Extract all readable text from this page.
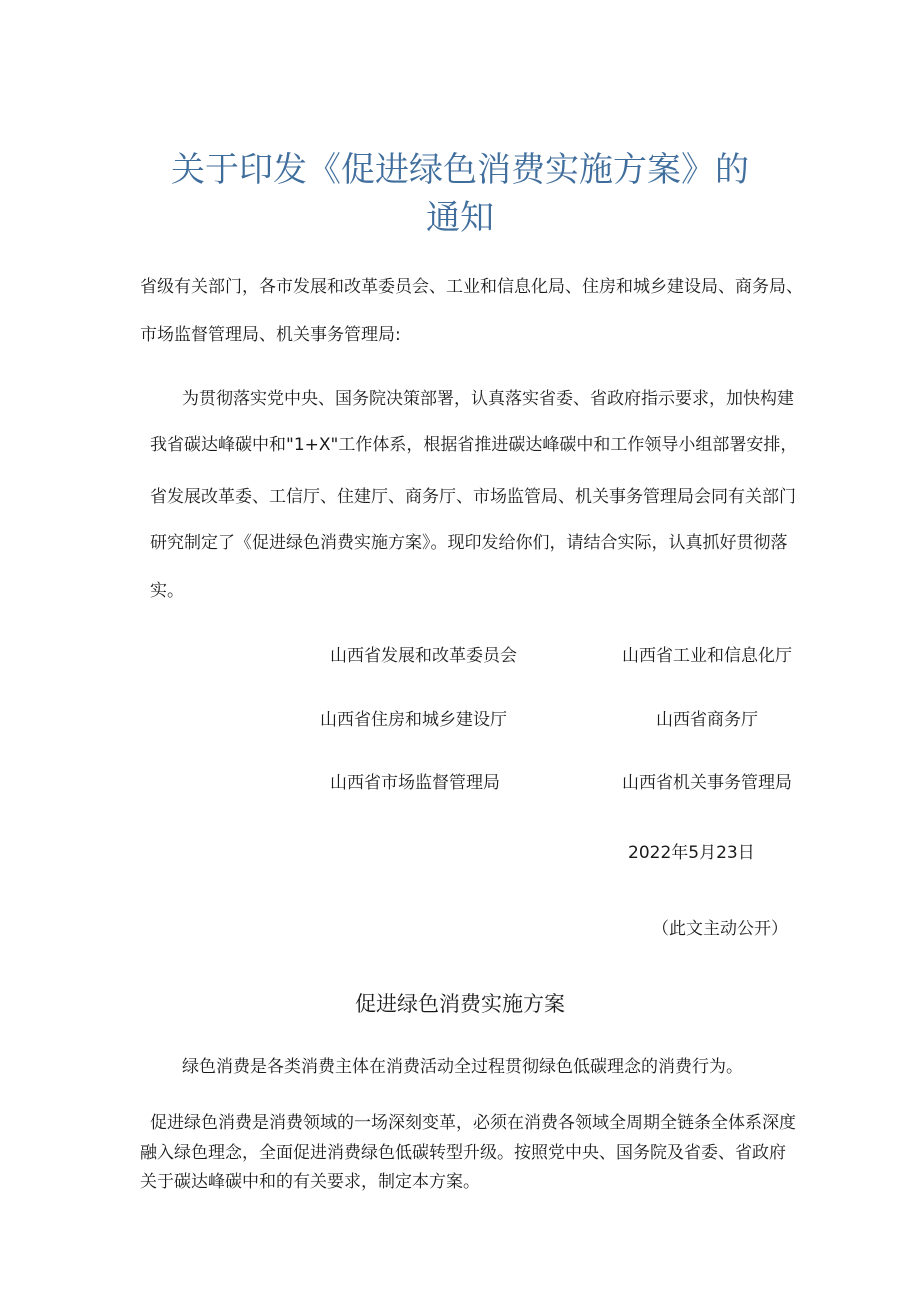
关于印发《促进绿色消费实施方案》的
通知
省级有关部门，各市发展和改革委员会、工业和信息化局、住房和城乡建设局、商务局、
市场监督管理局、机关事务管理局:
为贯彻落实党中央、国务院决策部署，认真落实省委、省政府指示要求，加快构建
我省碳达峰碳中和"1+X"工作体系，根据省推进碳达峰碳中和工作领导小组部署安排，
省发展改革委、工信厅、住建厅、商务厅、市场监管局、机关事务管理局会同有关部门
研究制定了《促进绿色消费实施方案》。现印发给你们，请结合实际，认真抓好贯彻落
实。
山西省发展和改革委员会	山西省工业和信息化厅
山西省住房和城乡建设厅	山西省商务厅
山西省市场监督管理局	山西省机关事务管理局
2022年5月23日
（此文主动公开）
促进绿色消费实施方案
绿色消费是各类消费主体在消费活动全过程贯彻绿色低碳理念的消费行为。
促进绿色消费是消费领域的一场深刻变革，必须在消费各领域全周期全链条全体系深度
融入绿色理念，全面促进消费绿色低碳转型升级。按照党中央、国务院及省委、省政府
关于碳达峰碳中和的有关要求，制定本方案。
